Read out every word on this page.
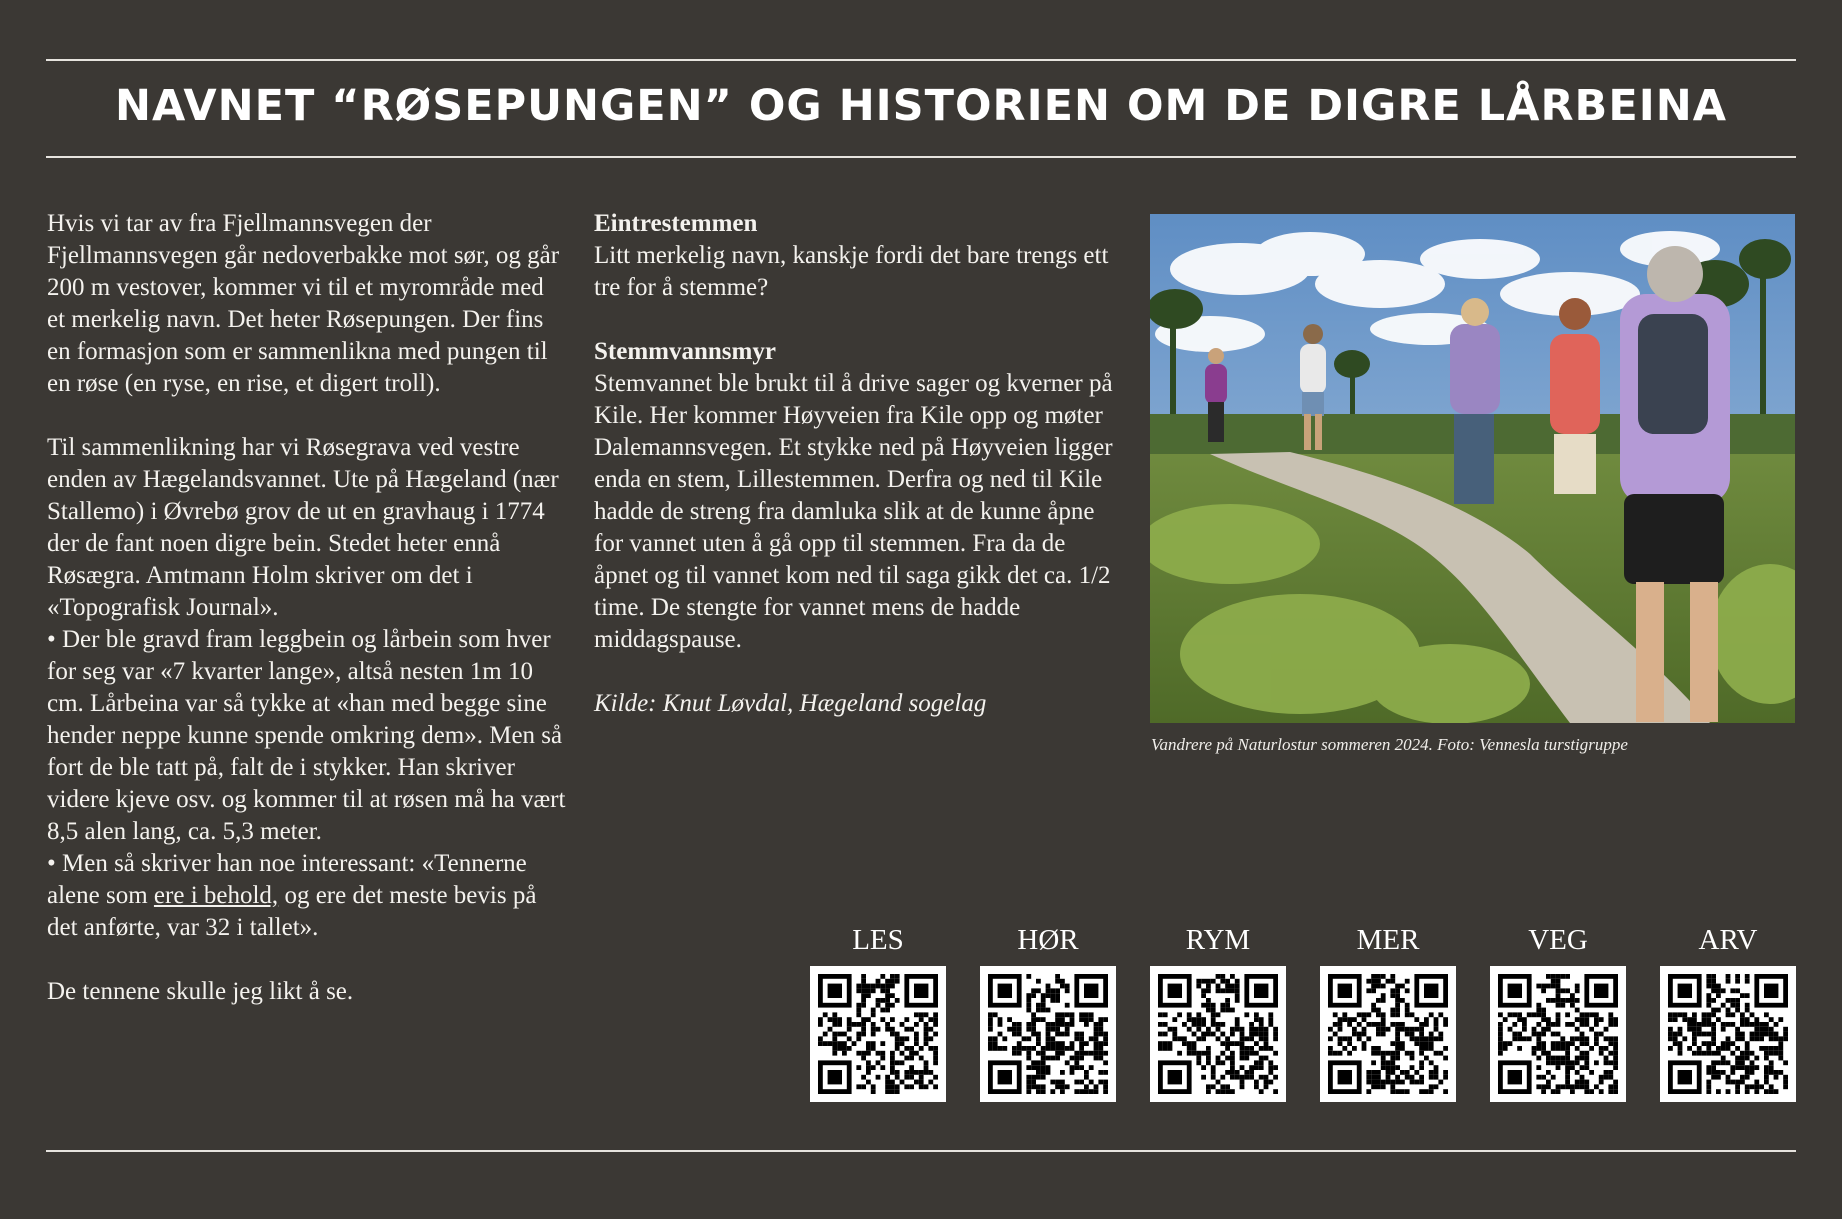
NAVNET “RØSEPUNGEN” OG HISTORIEN OM DE DIGRE LÅRBEINA

Hvis vi tar av fra Fjellmannsvegen der Fjellmannsvegen går nedoverbakke mot sør, og går 200 m vestover, kommer vi til et myrområde med et merkelig navn. Det heter Røsepungen. Der fins en formasjon som er sammenlikna med pungen til en røse (en ryse, en rise, et digert troll).

Til sammenlikning har vi Røsegrava ved vestre enden av Hægelandsvannet. Ute på Hægeland (nær Stallemo) i Øvrebø grov de ut en gravhaug i 1774 der de fant noen digre bein. Stedet heter ennå Røsægra. Amtmann Holm skriver om det i «Topografisk Journal».

• Der ble gravd fram leggbein og lårbein som hver for seg var «7 kvarter lange», altså nesten 1m 10 cm. Lårbeina var så tykke at «han med begge sine hender neppe kunne spende omkring dem». Men så fort de ble tatt på, falt de i stykker. Han skriver videre kjeve osv. og kommer til at røsen må ha vært 8,5 alen lang, ca. 5,3 meter.

• Men så skriver han noe interessant: «Tennerne alene som ere i behold, og ere det meste bevis på det anførte, var 32 i tallet».

De tennene skulle jeg likt å se.

Eintrestemmen

Litt merkelig navn, kanskje fordi det bare trengs ett tre for å stemme?

Stemmvannsmyr

Stemvannet ble brukt til å drive sager og kverner på Kile. Her kommer Høyveien fra Kile opp og møter Dalemannsvegen. Et stykke ned på Høyveien ligger enda en stem, Lillestemmen. Derfra og ned til Kile hadde de streng fra damluka slik at de kunne åpne for vannet uten å gå opp til stemmen. Fra da de åpnet og til vannet kom ned til saga gikk det ca. 1/2 time. De stengte for vannet mens de hadde middagspause.

Kilde: Knut Løvdal, Hægeland sogelag

Vandrere på Naturlostur sommeren 2024. Foto: Vennesla turstigruppe
LES	HØR	RYM	MER	VEG	ARV
